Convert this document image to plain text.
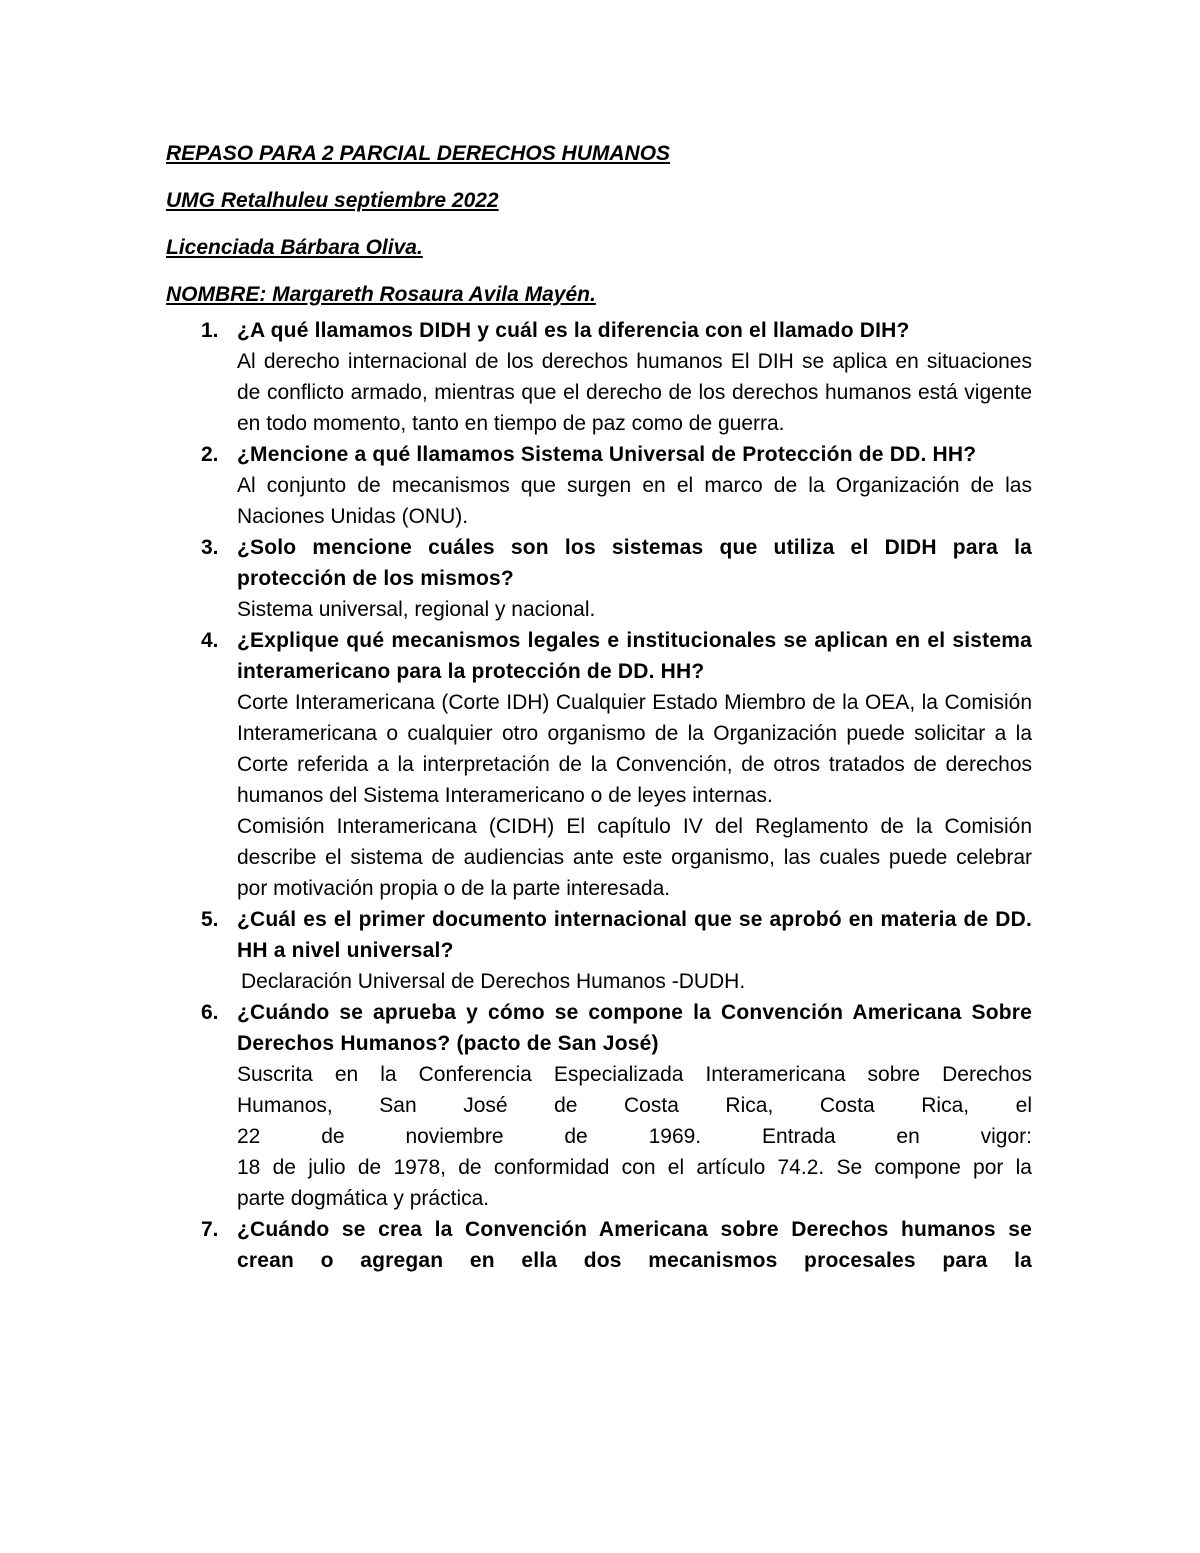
REPASO PARA 2 PARCIAL DERECHOS HUMANOS
UMG Retalhuleu septiembre 2022
Licenciada Bárbara Oliva.
NOMBRE: Margareth Rosaura Avila Mayén.
1. ¿A qué llamamos DIDH y cuál es la diferencia con el llamado DIH?
Al derecho internacional de los derechos humanos El DIH se aplica en situaciones de conflicto armado, mientras que el derecho de los derechos humanos está vigente en todo momento, tanto en tiempo de paz como de guerra.
2. ¿Mencione a qué llamamos Sistema Universal de Protección de DD. HH?
Al conjunto de mecanismos que surgen en el marco de la Organización de las Naciones Unidas (ONU).
3. ¿Solo mencione cuáles son los sistemas que utiliza el DIDH para la protección de los mismos?
Sistema universal, regional y nacional.
4. ¿Explique qué mecanismos legales e institucionales se aplican en el sistema interamericano para la protección de DD. HH?
Corte Interamericana (Corte IDH) Cualquier Estado Miembro de la OEA, la Comisión Interamericana o cualquier otro organismo de la Organización puede solicitar a la Corte referida a la interpretación de la Convención, de otros tratados de derechos humanos del Sistema Interamericano o de leyes internas.
Comisión Interamericana (CIDH) El capítulo IV del Reglamento de la Comisión describe el sistema de audiencias ante este organismo, las cuales puede celebrar por motivación propia o de la parte interesada.
5. ¿Cuál es el primer documento internacional que se aprobó en materia de DD. HH a nivel universal?
Declaración Universal de Derechos Humanos -DUDH.
6. ¿Cuándo se aprueba y cómo se compone la Convención Americana Sobre Derechos Humanos? (pacto de San José)
Suscrita en la Conferencia Especializada Interamericana sobre Derechos
Humanos, San José de Costa Rica, Costa Rica, el
22 de noviembre de 1969. Entrada en vigor:
18 de julio de 1978, de conformidad con el artículo 74.2. Se compone por la
parte dogmática y práctica.
7. ¿Cuándo se crea la Convención Americana sobre Derechos humanos se crean o agregan en ella dos mecanismos procesales para la
